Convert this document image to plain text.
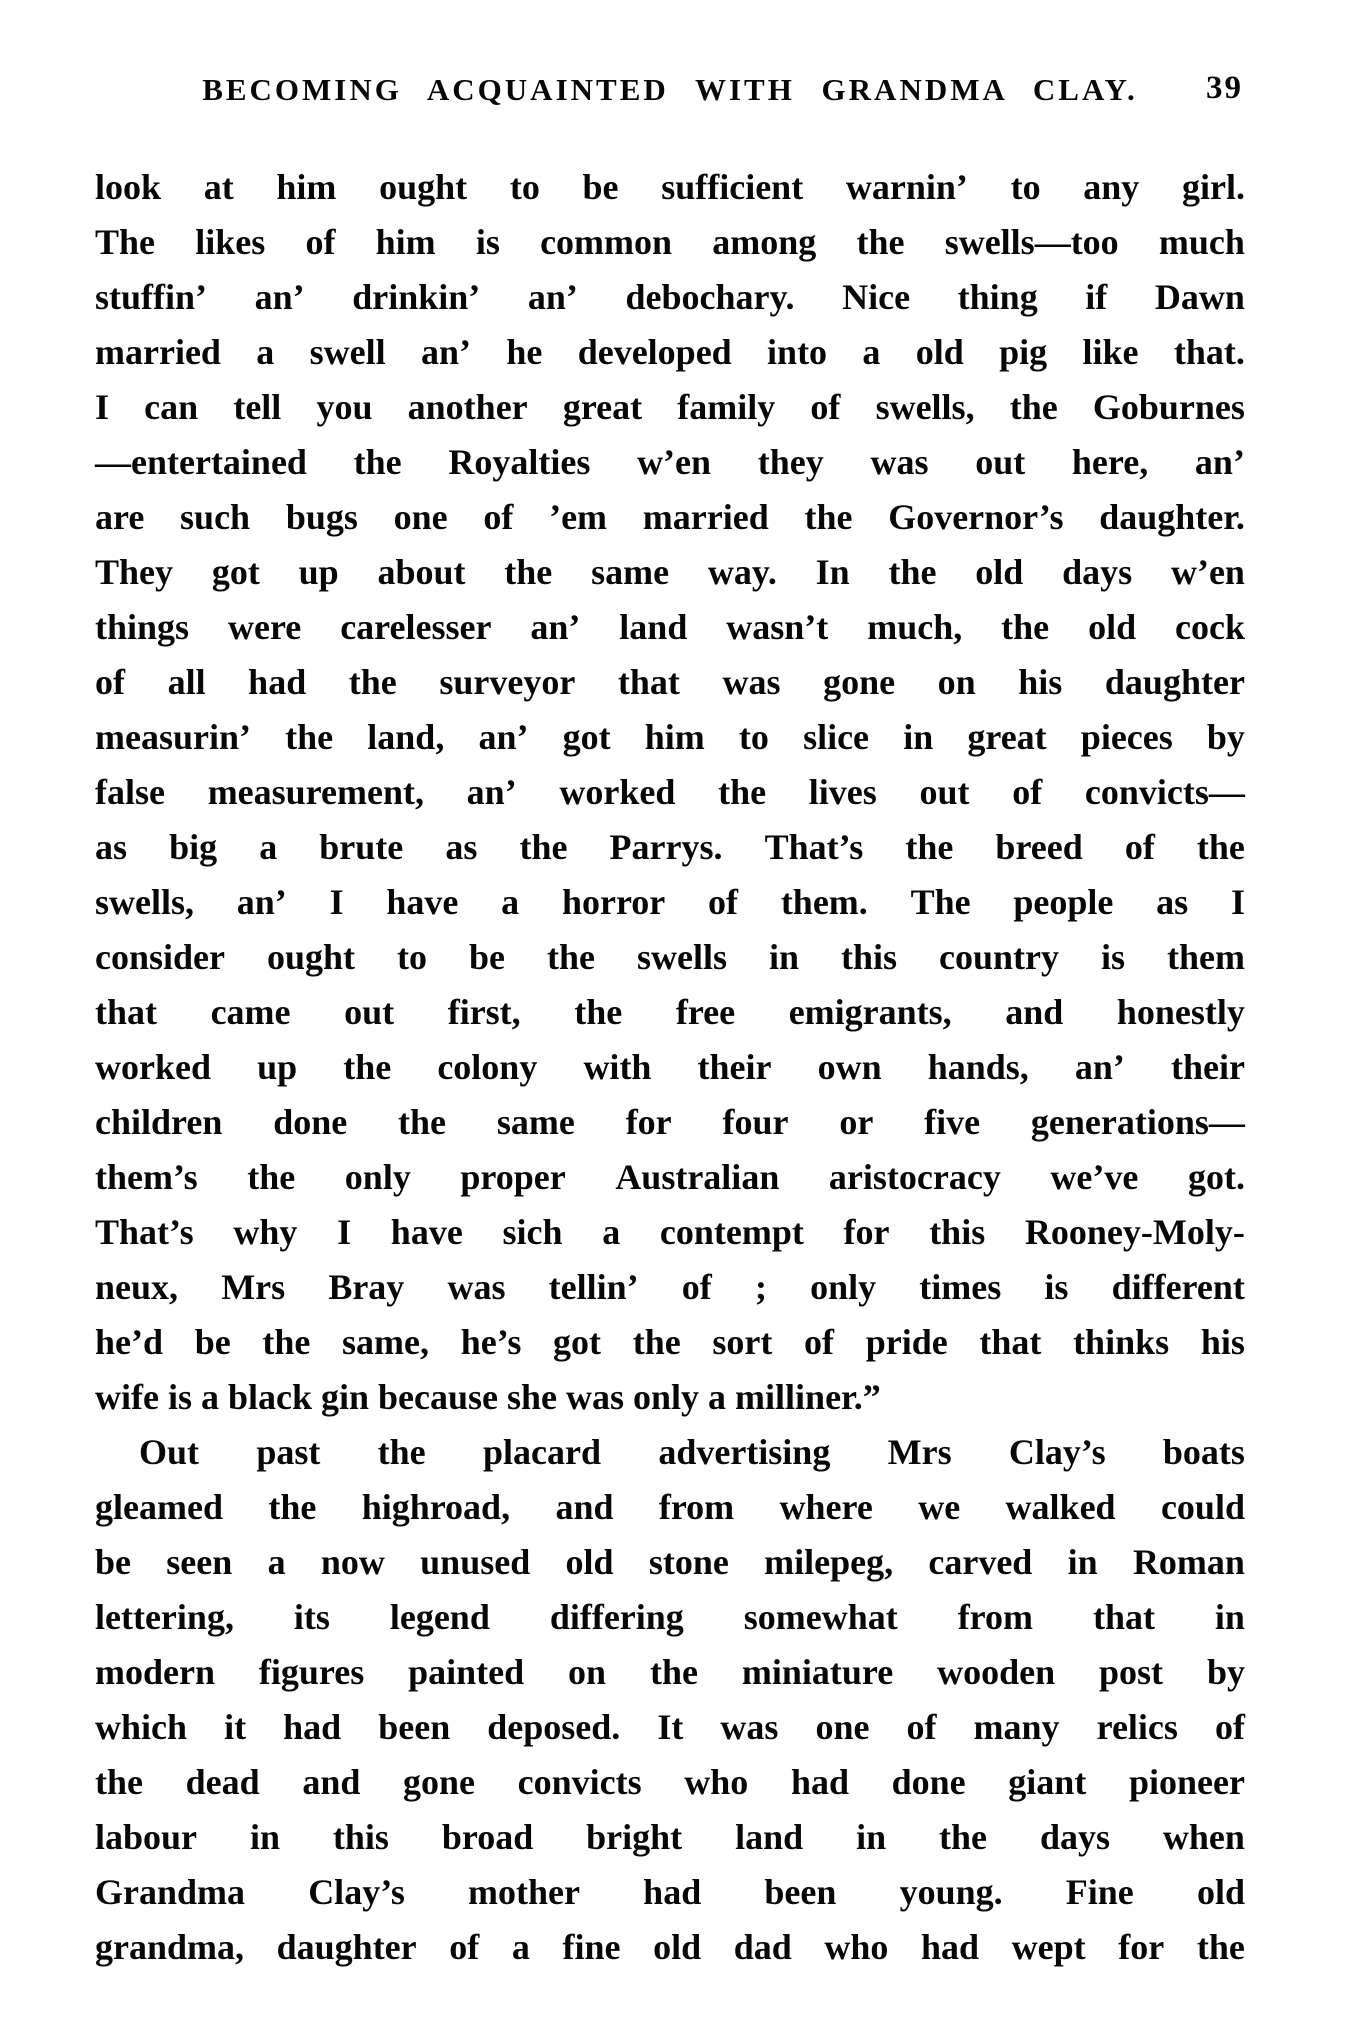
BECOMING ACQUAINTED WITH GRANDMA CLAY.	39
look at him ought to be sufficient warnin’ to any girl.
The likes of him is common among the swells—too much
stuffin’ an’ drinkin’ an’ debochary. Nice thing if Dawn
married a swell an’ he developed into a old pig like that.
I can tell you another great family of swells, the Goburnes
—entertained the Royalties w’en they was out here, an’
are such bugs one of ’em married the Governor’s daughter.
They got up about the same way. In the old days w’en
things were carelesser an’ land wasn’t much, the old cock
of all had the surveyor that was gone on his daughter
measurin’ the land, an’ got him to slice in great pieces by
false measurement, an’ worked the lives out of convicts—
as big a brute as the Parrys. That’s the breed of the
swells, an’ I have a horror of them. The people as I
consider ought to be the swells in this country is them
that came out first, the free emigrants, and honestly
worked up the colony with their own hands, an’ their
children done the same for four or five generations—
them’s the only proper Australian aristocracy we’ve got.
That’s why I have sich a contempt for this Rooney-Moly-
neux, Mrs Bray was tellin’ of ; only times is different
he’d be the same, he’s got the sort of pride that thinks his
wife is a black gin because she was only a milliner.”
Out past the placard advertising Mrs Clay’s boats
gleamed the highroad, and from where we walked could
be seen a now unused old stone milepeg, carved in Roman
lettering, its legend differing somewhat from that in
modern figures painted on the miniature wooden post by
which it had been deposed. It was one of many relics of
the dead and gone convicts who had done giant pioneer
labour in this broad bright land in the days when
Grandma Clay’s mother had been young. Fine old
grandma, daughter of a fine old dad who had wept for the
